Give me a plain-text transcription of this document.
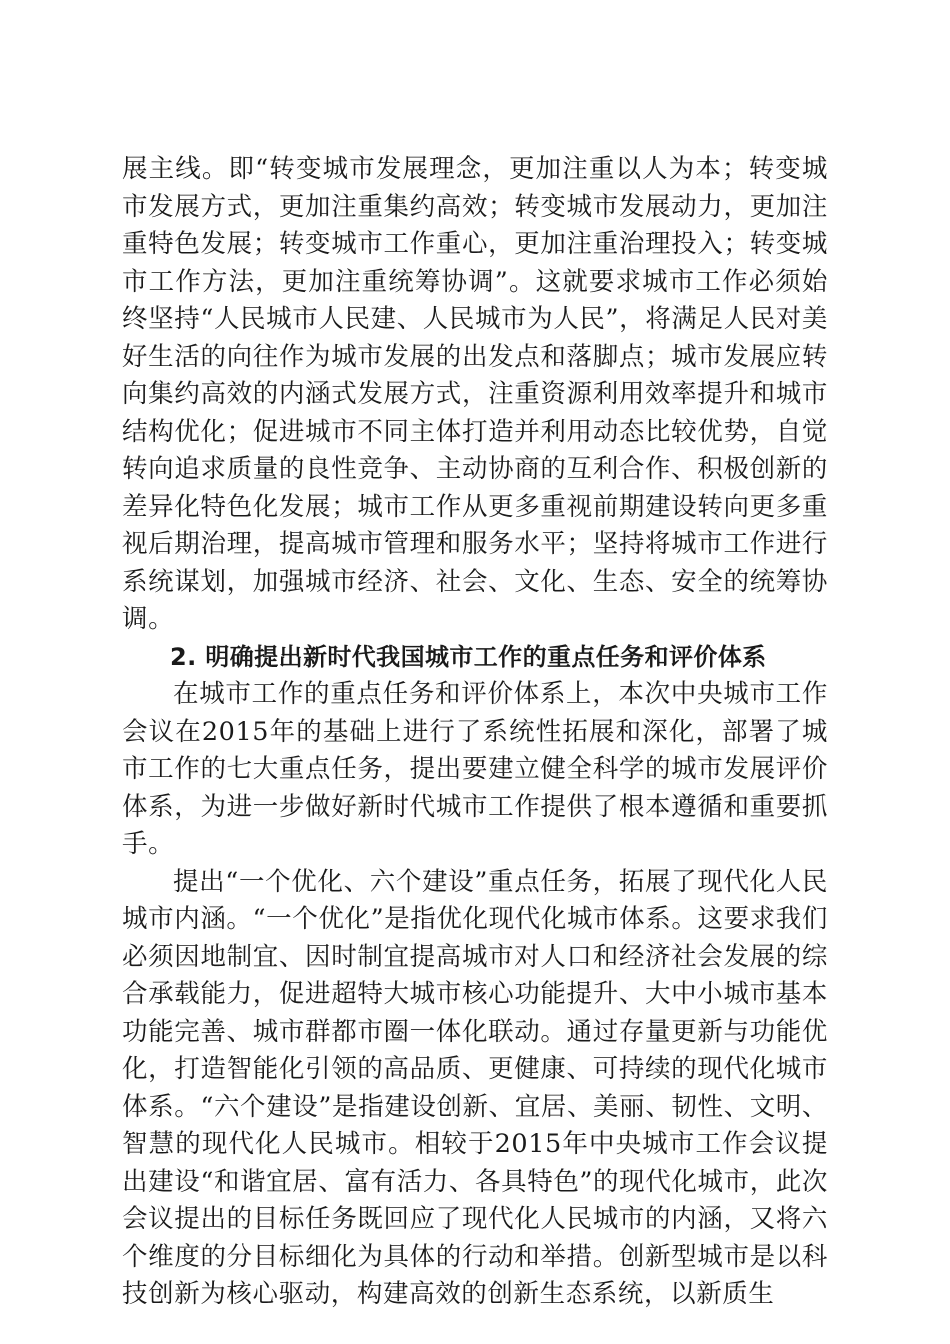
展主线。即“转变城市发展理念，更加注重以人为本；转变城市发展方式，更加注重集约高效；转变城市发展动力，更加注重特色发展；转变城市工作重心，更加注重治理投入；转变城市工作方法，更加注重统筹协调”。这就要求城市工作必须始终坚持“人民城市人民建、人民城市为人民”，将满足人民对美好生活的向往作为城市发展的出发点和落脚点；城市发展应转向集约高效的内涵式发展方式，注重资源利用效率提升和城市结构优化；促进城市不同主体打造并利用动态比较优势，自觉转向追求质量的良性竞争、主动协商的互利合作、积极创新的差异化特色化发展；城市工作从更多重视前期建设转向更多重视后期治理，提高城市管理和服务水平；坚持将城市工作进行系统谋划，加强城市经济、社会、文化、生态、安全的统筹协调。

2. 明确提出新时代我国城市工作的重点任务和评价体系

在城市工作的重点任务和评价体系上，本次中央城市工作会议在2015年的基础上进行了系统性拓展和深化，部署了城市工作的七大重点任务，提出要建立健全科学的城市发展评价体系，为进一步做好新时代城市工作提供了根本遵循和重要抓手。

提出“一个优化、六个建设”重点任务，拓展了现代化人民城市内涵。“一个优化”是指优化现代化城市体系。这要求我们必须因地制宜、因时制宜提高城市对人口和经济社会发展的综合承载能力，促进超特大城市核心功能提升、大中小城市基本功能完善、城市群都市圈一体化联动。通过存量更新与功能优化，打造智能化引领的高品质、更健康、可持续的现代化城市体系。“六个建设”是指建设创新、宜居、美丽、韧性、文明、智慧的现代化人民城市。相较于2015年中央城市工作会议提出建设“和谐宜居、富有活力、各具特色”的现代化城市，此次会议提出的目标任务既回应了现代化人民城市的内涵，又将六个维度的分目标细化为具体的行动和举措。创新型城市是以科技创新为核心驱动，构建高效的创新生态系统，以新质生
